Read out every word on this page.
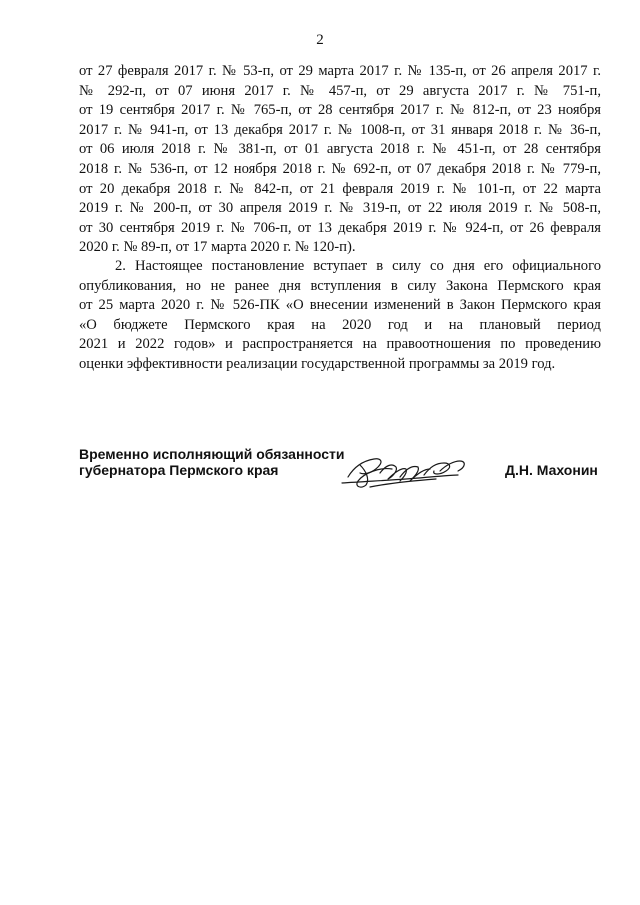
2
от 27 февраля 2017 г. № 53-п, от 29 марта 2017 г. № 135-п, от 26 апреля 2017 г.
№ 292-п, от 07 июня 2017 г. № 457-п, от 29 августа 2017 г. № 751-п,
от 19 сентября 2017 г. № 765-п, от 28 сентября 2017 г. № 812-п, от 23 ноября
2017 г. № 941-п, от 13 декабря 2017 г. № 1008-п, от 31 января 2018 г. № 36-п,
от 06 июля 2018 г. № 381-п, от 01 августа 2018 г. № 451-п, от 28 сентября
2018 г. № 536-п, от 12 ноября 2018 г. № 692-п, от 07 декабря 2018 г. № 779-п,
от 20 декабря 2018 г. № 842-п, от 21 февраля 2019 г. № 101-п, от 22 марта
2019 г. № 200-п, от 30 апреля 2019 г. № 319-п, от 22 июля 2019 г. № 508-п,
от 30 сентября 2019 г. № 706-п, от 13 декабря 2019 г. № 924-п, от 26 февраля
2020 г. № 89-п, от 17 марта 2020 г. № 120-п).
2. Настоящее постановление вступает в силу со дня его официального
опубликования, но не ранее дня вступления в силу Закона Пермского края
от 25 марта 2020 г. № 526-ПК «О внесении изменений в Закон Пермского края
«О бюджете Пермского края на 2020 год и на плановый период
2021 и 2022 годов» и распространяется на правоотношения по проведению
оценки эффективности реализации государственной программы за 2019 год.
Временно исполняющий обязанности
губернатора Пермского края	Д.Н. Махонин
